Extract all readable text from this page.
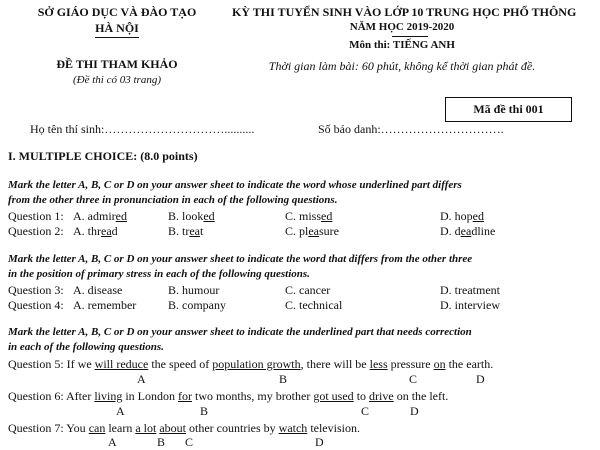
SỞ GIÁO DỤC VÀ ĐÀO TẠO
HÀ NỘI
ĐỀ THI THAM KHẢO
(Đề thi có 03 trang)
KỲ THI TUYỂN SINH VÀO LỚP 10 TRUNG HỌC PHỔ THÔNG
NĂM HỌC 2019-2020
Môn thi: TIẾNG ANH
Thời gian làm bài: 60 phút, không kể thời gian phát đề.
Mã đề thi 001
Họ tên thí sinh:…………………………..........	Số báo danh:………………………….
I. MULTIPLE CHOICE: (8.0 points)
Mark the letter A, B, C or D on your answer sheet to indicate the word whose underlined part differs
from the other three in pronunciation in each of the following questions.
Question 1: A. admired	B. looked	C. missed	D. hoped
Question 2: A. thread	B. treat	C. pleasure	D. deadline
Mark the letter A, B, C or D on your answer sheet to indicate the word that differs from the other three
in the position of primary stress in each of the following questions.
Question 3: A. disease	B. humour	C. cancer	D. treatment
Question 4: A. remember	B. company	C. technical	D. interview
Mark the letter A, B, C or D on your answer sheet to indicate the underlined part that needs correction
in each of the following questions.
Question 5: If we will reduce the speed of population growth, there will be less pressure on the earth.
A	B	C	D
Question 6: After living in London for two months, my brother got used to drive on the left.
A	B	C	D
Question 7: You can learn a lot about other countries by watch television.
A	B C	D
